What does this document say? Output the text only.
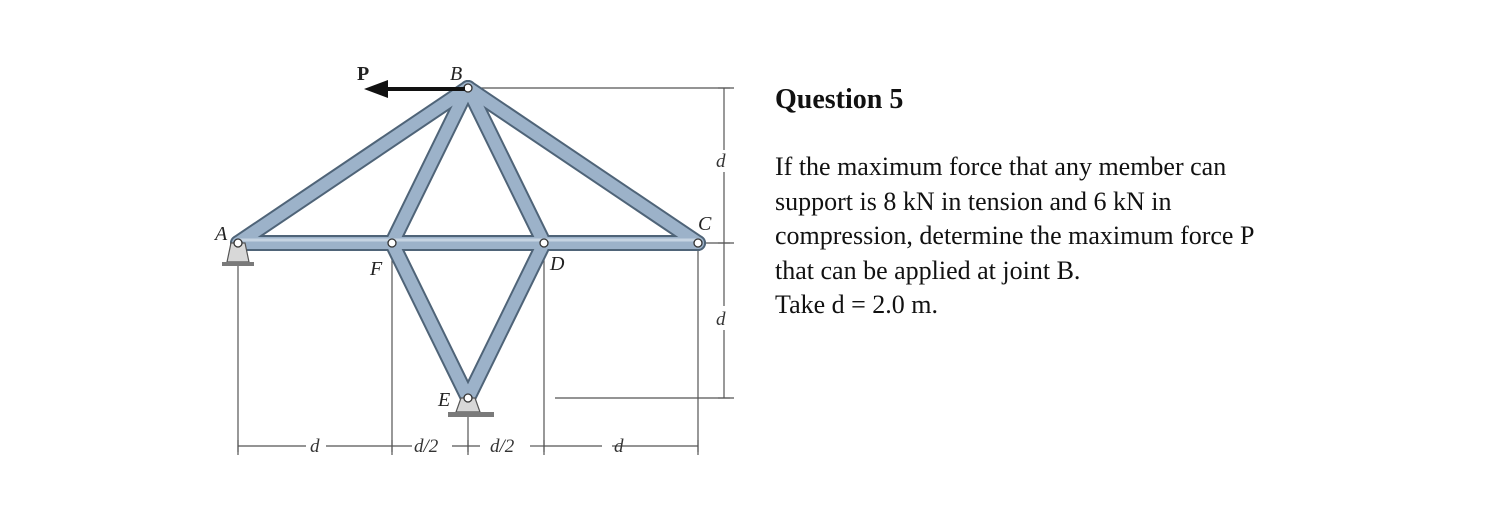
P	B
A	C
D
E
F
d	d/2	d/2	d
d
d

Question 5

If the maximum force that any member can

support is 8 kN in tension and 6 kN in

compression, determine the maximum force P

that can be applied at joint B.

Take d = 2.0 m.
